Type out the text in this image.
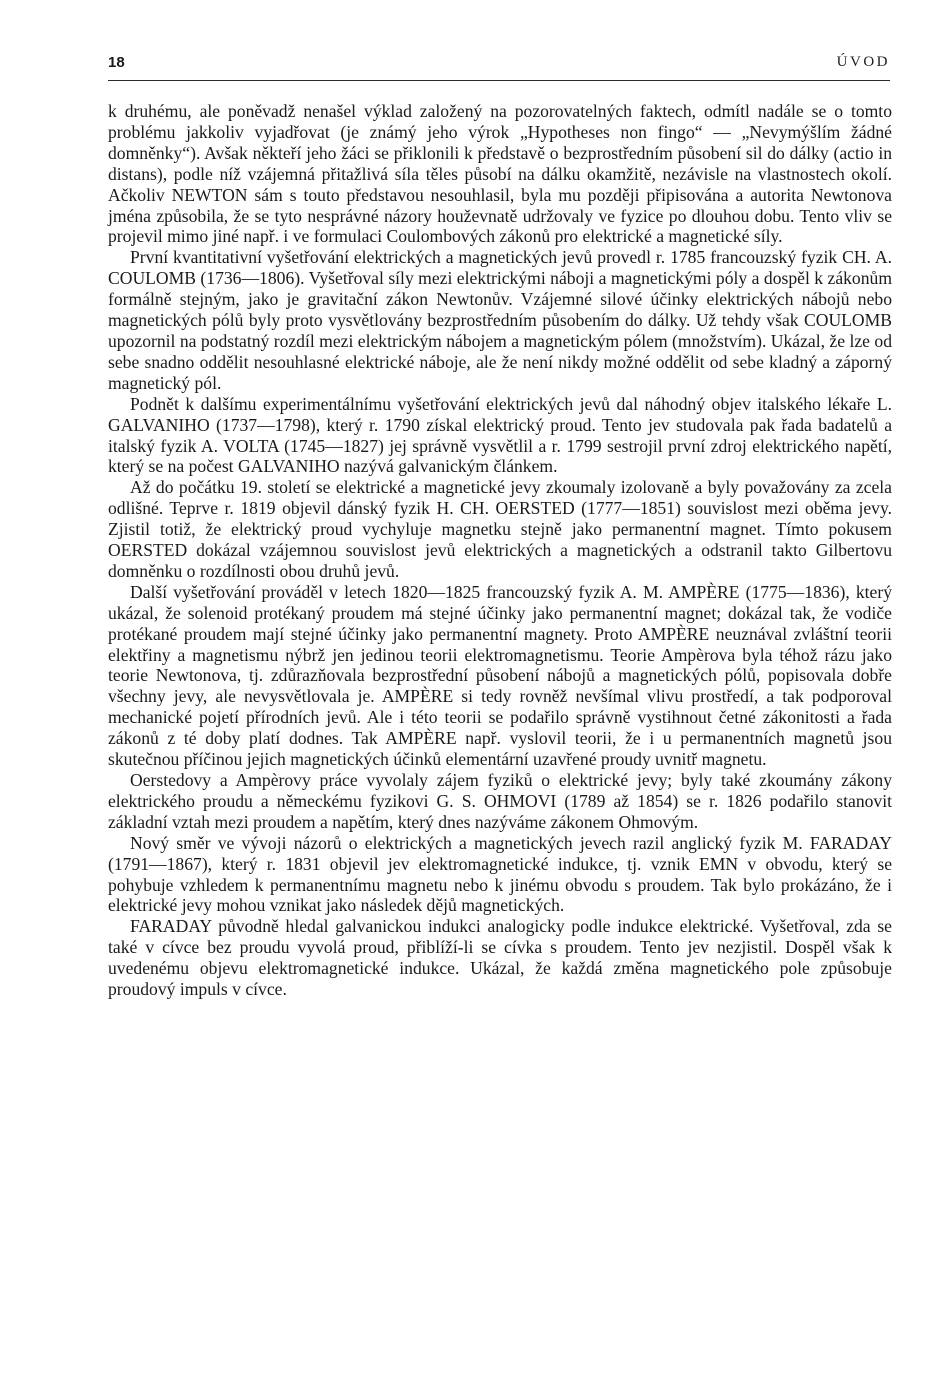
18	ÚVOD

k druhému, ale poněvadž nenašel výklad založený na pozorovatelných faktech, odmítl nadále se o tomto problému jakkoliv vyjadřovat (je známý jeho výrok „Hypotheses non fingo“ — „Nevymýšlím žádné domněnky“). Avšak někteří jeho žáci se přiklonili k představě o bezprostředním působení sil do dálky (actio in distans), podle níž vzájemná přitažlivá síla těles působí na dálku okamžitě, nezávisle na vlastnostech okolí. Ačkoliv NEWTON sám s touto představou nesouhlasil, byla mu později připisována a autorita Newtonova jména způsobila, že se tyto nesprávné názory houževnatě udržovaly ve fyzice po dlouhou dobu. Tento vliv se projevil mimo jiné např. i ve formulaci Coulombových zákonů pro elektrické a magnetické síly.

První kvantitativní vyšetřování elektrických a magnetických jevů provedl r. 1785 francouzský fyzik CH. A. COULOMB (1736—1806). Vyšetřoval síly mezi elektrickými náboji a magnetickými póly a dospěl k zákonům formálně stejným, jako je gravitační zákon Newtonův. Vzájemné silové účinky elektrických nábojů nebo magnetických pólů byly proto vysvětlovány bezprostředním působením do dálky. Už tehdy však COULOMB upozornil na podstatný rozdíl mezi elektrickým nábojem a magnetickým pólem (množstvím). Ukázal, že lze od sebe snadno oddělit nesouhlasné elektrické náboje, ale že není nikdy možné oddělit od sebe kladný a záporný magnetický pól.

Podnět k dalšímu experimentálnímu vyšetřování elektrických jevů dal náhodný objev italského lékaře L. GALVANIHO (1737—1798), který r. 1790 získal elektrický proud. Tento jev studovala pak řada badatelů a italský fyzik A. VOLTA (1745—1827) jej správně vysvětlil a r. 1799 sestrojil první zdroj elektrického napětí, který se na počest GALVANIHO nazývá galvanickým článkem.

Až do počátku 19. století se elektrické a magnetické jevy zkoumaly izolovaně a byly považovány za zcela odlišné. Teprve r. 1819 objevil dánský fyzik H. CH. OERSTED (1777—1851) souvislost mezi oběma jevy. Zjistil totiž, že elektrický proud vychyluje magnetku stejně jako permanentní magnet. Tímto pokusem OERSTED dokázal vzájemnou souvislost jevů elektrických a magnetických a odstranil takto Gilbertovu domněnku o rozdílnosti obou druhů jevů.

Další vyšetřování prováděl v letech 1820—1825 francouzský fyzik A. M. AMPÈRE (1775—1836), který ukázal, že solenoid protékaný proudem má stejné účinky jako permanentní magnet; dokázal tak, že vodiče protékané proudem mají stejné účinky jako permanentní magnety. Proto AMPÈRE neuznával zvláštní teorii elektřiny a magnetismu nýbrž jen jedinou teorii elektromagnetismu. Teorie Ampèrova byla téhož rázu jako teorie Newtonova, tj. zdůrazňovala bezprostřední působení nábojů a magnetických pólů, popisovala dobře všechny jevy, ale nevysvětlovala je. AMPÈRE si tedy rovněž nevšímal vlivu prostředí, a tak podporoval mechanické pojetí přírodních jevů. Ale i této teorii se podařilo správně vystihnout četné zákonitosti a řada zákonů z té doby platí dodnes. Tak AMPÈRE např. vyslovil teorii, že i u permanentních magnetů jsou skutečnou příčinou jejich magnetických účinků elementární uzavřené proudy uvnitř magnetu.

Oerstedovy a Ampèrovy práce vyvolaly zájem fyziků o elektrické jevy; byly také zkoumány zákony elektrického proudu a německému fyzikovi G. S. OHMOVI (1789 až 1854) se r. 1826 podařilo stanovit základní vztah mezi proudem a napětím, který dnes nazýváme zákonem Ohmovým.

Nový směr ve vývoji názorů o elektrických a magnetických jevech razil anglický fyzik M. FARADAY (1791—1867), který r. 1831 objevil jev elektromagnetické indukce, tj. vznik EMN v obvodu, který se pohybuje vzhledem k permanentnímu magnetu nebo k jinému obvodu s proudem. Tak bylo prokázáno, že i elektrické jevy mohou vznikat jako následek dějů magnetických.

FARADAY původně hledal galvanickou indukci analogicky podle indukce elektrické. Vyšetřoval, zda se také v cívce bez proudu vyvolá proud, přiblíží-li se cívka s proudem. Tento jev nezjistil. Dospěl však k uvedenému objevu elektromagnetické indukce. Ukázal, že každá změna magnetického pole způsobuje proudový impuls v cívce.
